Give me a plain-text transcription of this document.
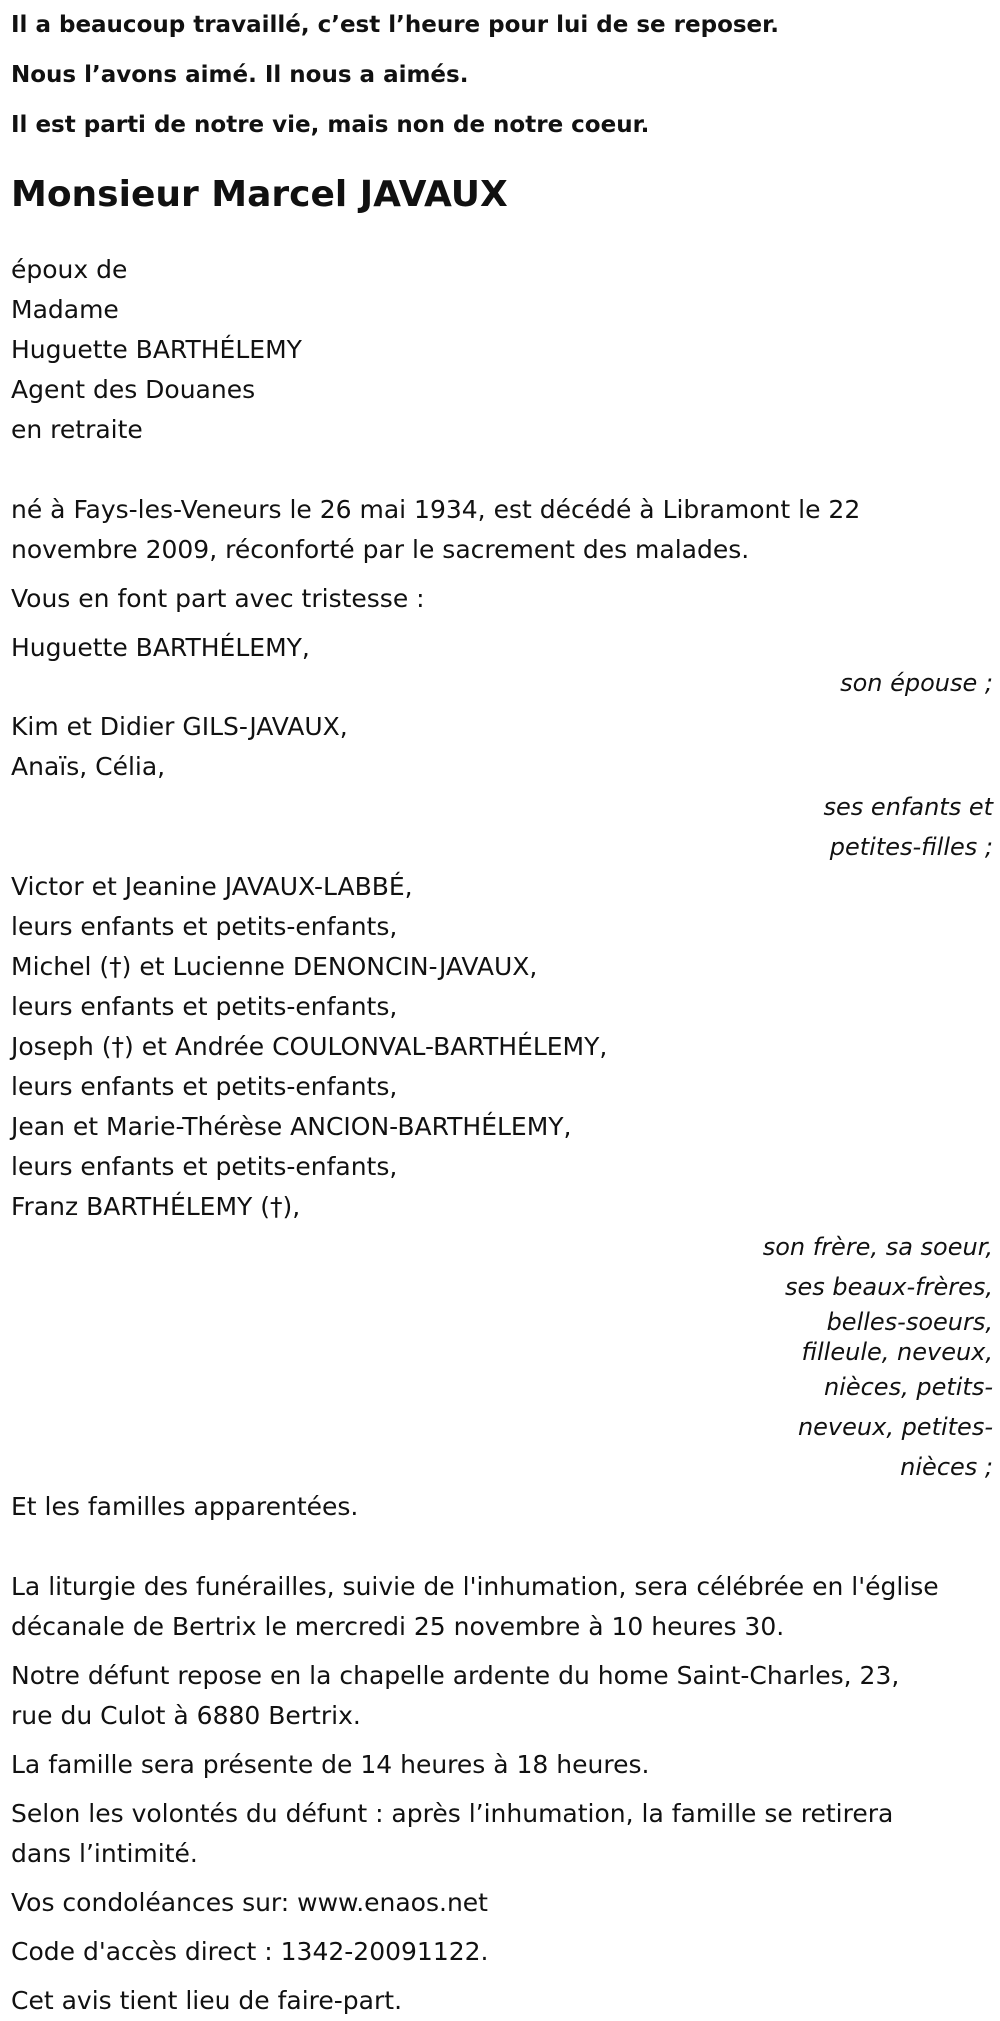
Il a beaucoup travaillé, c’est l’heure pour lui de se reposer.

Nous l’avons aimé. Il nous a aimés.

Il est parti de notre vie, mais non de notre coeur.

Monsieur Marcel JAVAUX

époux de

Madame

Huguette BARTHÉLEMY

Agent des Douanes

en retraite

né à Fays-les-Veneurs le 26 mai 1934, est décédé à Libramont le 22

novembre 2009, réconforté par le sacrement des malades.

Vous en font part avec tristesse :

Huguette BARTHÉLEMY,

son épouse ;

Kim et Didier GILS-JAVAUX,

Anaïs, Célia,

ses enfants et

petites-filles ;

Victor et Jeanine JAVAUX-LABBÉ,

leurs enfants et petits-enfants,

Michel (†) et Lucienne DENONCIN-JAVAUX,

leurs enfants et petits-enfants,

Joseph (†) et Andrée COULONVAL-BARTHÉLEMY,

leurs enfants et petits-enfants,

Jean et Marie-Thérèse ANCION-BARTHÉLEMY,

leurs enfants et petits-enfants,

Franz BARTHÉLEMY (†),

son frère, sa soeur,

ses beaux-frères,

belles-soeurs,

filleule, neveux,

nièces, petits-

neveux, petites-

nièces ;

Et les familles apparentées.

La liturgie des funérailles, suivie de l'inhumation, sera célébrée en l'église

décanale de Bertrix le mercredi 25 novembre à 10 heures 30.

Notre défunt repose en la chapelle ardente du home Saint-Charles, 23,

rue du Culot à 6880 Bertrix.

La famille sera présente de 14 heures à 18 heures.

Selon les volontés du défunt : après l’inhumation, la famille se retirera

dans l’intimité.

Vos condoléances sur: www.enaos.net

Code d'accès direct : 1342-20091122.

Cet avis tient lieu de faire-part.
